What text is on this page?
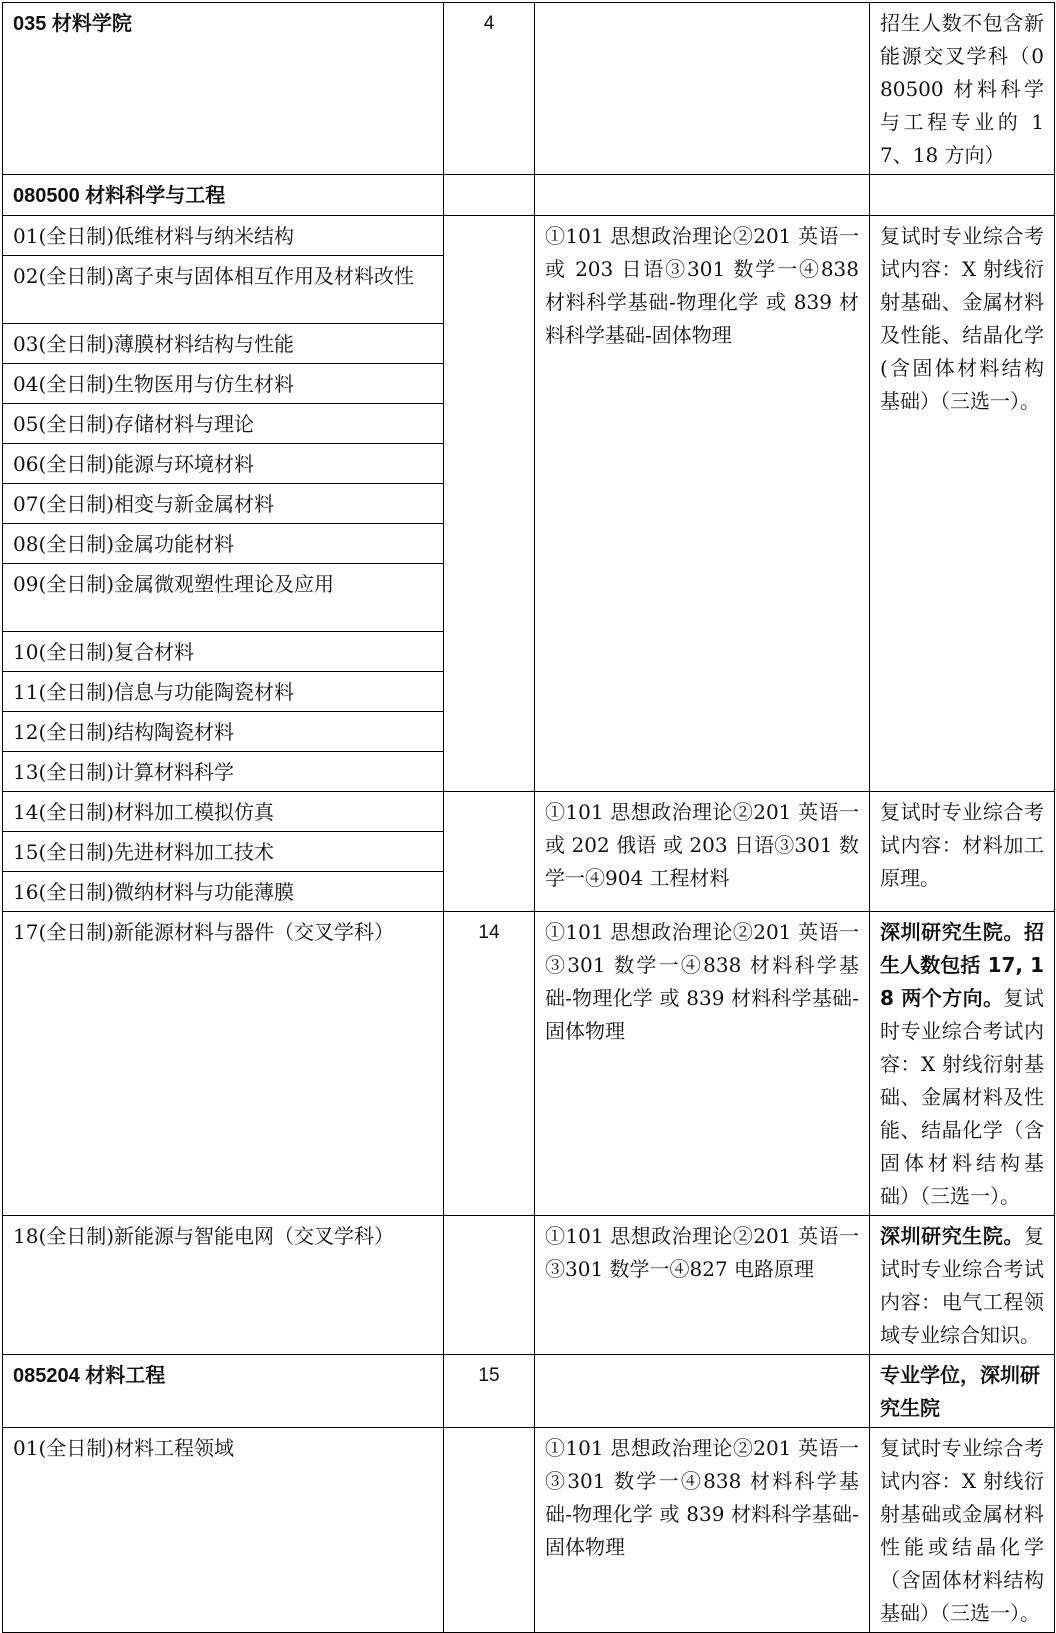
035 材料学院	4		招生人数不包含新能源交叉学科（080500 材料科学与工程专业的 17、18 方向）
080500 材料科学与工程			
01(全日制)低维材料与纳米结构		①101 思想政治理论②201 英语一 或 203 日语③301 数学一④838 材料科学基础-物理化学 或 839 材料科学基础-固体物理	复试时专业综合考试内容：X 射线衍射基础、金属材料及性能、结晶化学(含固体材料结构基础）（三选一）。
02(全日制)离子束与固体相互作用及材料改性			
03(全日制)薄膜材料结构与性能			
04(全日制)生物医用与仿生材料			
05(全日制)存储材料与理论			
06(全日制)能源与环境材料			
07(全日制)相变与新金属材料			
08(全日制)金属功能材料			
09(全日制)金属微观塑性理论及应用			
10(全日制)复合材料			
11(全日制)信息与功能陶瓷材料			
12(全日制)结构陶瓷材料			
13(全日制)计算材料科学			
14(全日制)材料加工模拟仿真		①101 思想政治理论②201 英语一 或 202 俄语 或 203 日语③301 数学一④904 工程材料	复试时专业综合考试内容：材料加工原理。
15(全日制)先进材料加工技术			
16(全日制)微纳材料与功能薄膜			
17(全日制)新能源材料与器件（交叉学科）	14	①101 思想政治理论②201 英语一③301 数学一④838 材料科学基础-物理化学 或 839 材料科学基础-固体物理	深圳研究生院。招生人数包括 17, 18 两个方向。复试时专业综合考试内容：X 射线衍射基础、金属材料及性能、结晶化学（含固体材料结构基础）（三选一）。
18(全日制)新能源与智能电网（交叉学科）		①101 思想政治理论②201 英语一③301 数学一④827 电路原理	深圳研究生院。复试时专业综合考试内容：电气工程领域专业综合知识。
085204 材料工程	15		专业学位，深圳研究生院
01(全日制)材料工程领域		①101 思想政治理论②201 英语一③301 数学一④838 材料科学基础-物理化学 或 839 材料科学基础-固体物理	复试时专业综合考试内容：X 射线衍射基础或金属材料性能或结晶化学（含固体材料结构基础）（三选一）。
